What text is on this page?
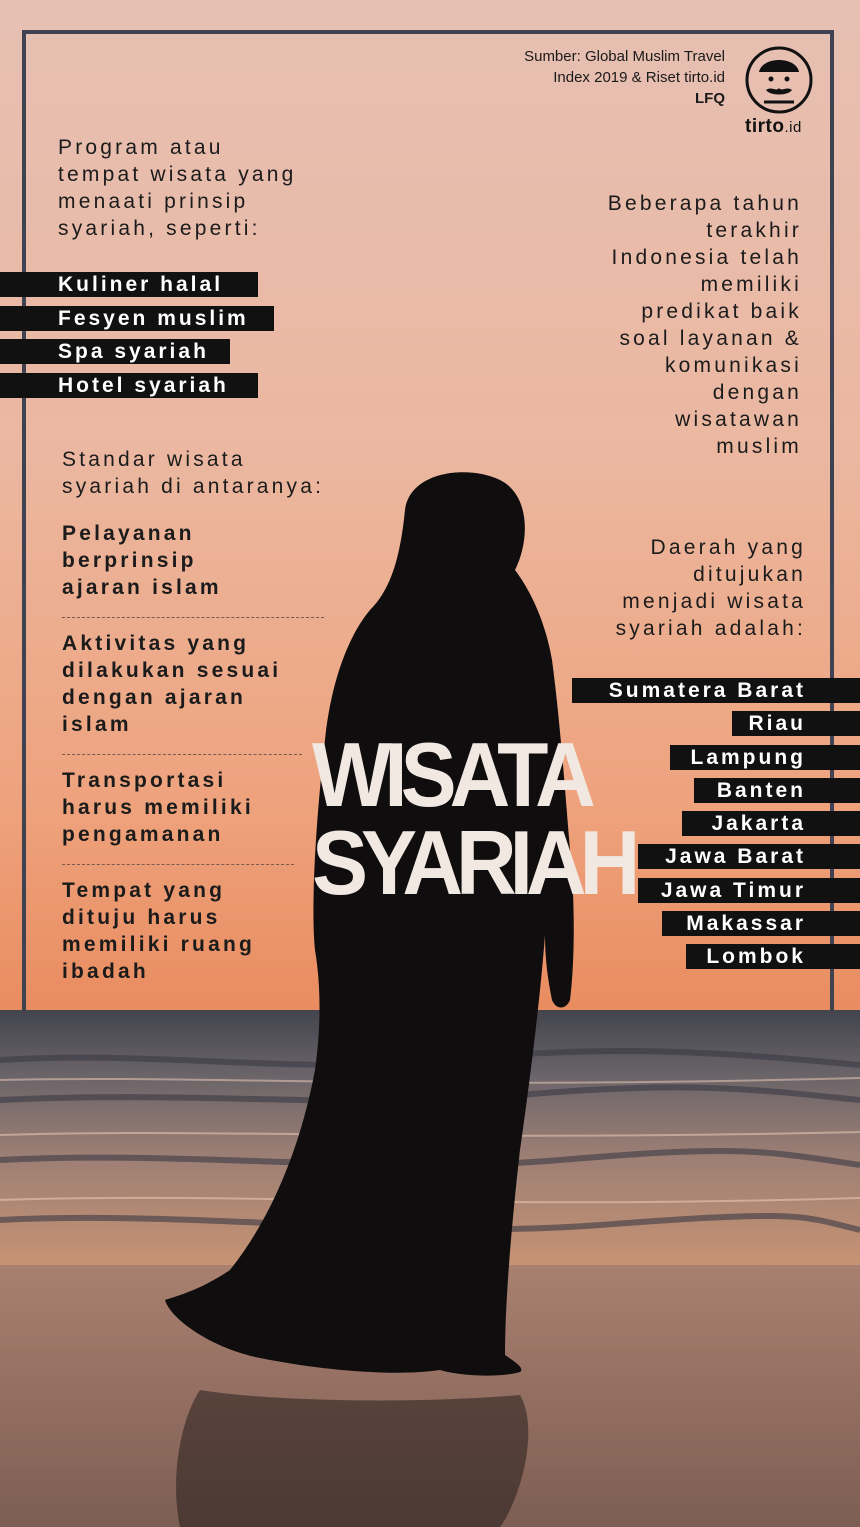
Sumber: Global Muslim Travel
Index 2019 & Riset tirto.id
LFQ
tirto.id
Program atau
tempat wisata yang
menaati prinsip
syariah, seperti:
Kuliner halal
Fesyen muslim
Spa syariah
Hotel syariah
Beberapa tahun
terakhir
Indonesia telah
memiliki
predikat baik
soal layanan &
komunikasi
dengan
wisatawan
muslim
Standar wisata
syariah di antaranya:
Pelayanan
berprinsip
ajaran islam
Aktivitas yang
dilakukan sesuai
dengan ajaran
islam
Transportasi
harus memiliki
pengamanan
Tempat yang
dituju harus
memiliki ruang
ibadah
Daerah yang
ditujukan
menjadi wisata
syariah adalah:
Sumatera Barat
Riau
Lampung
Banten
Jakarta
Jawa Barat
Jawa Timur
Makassar
Lombok
WISATA
SYARIAH
